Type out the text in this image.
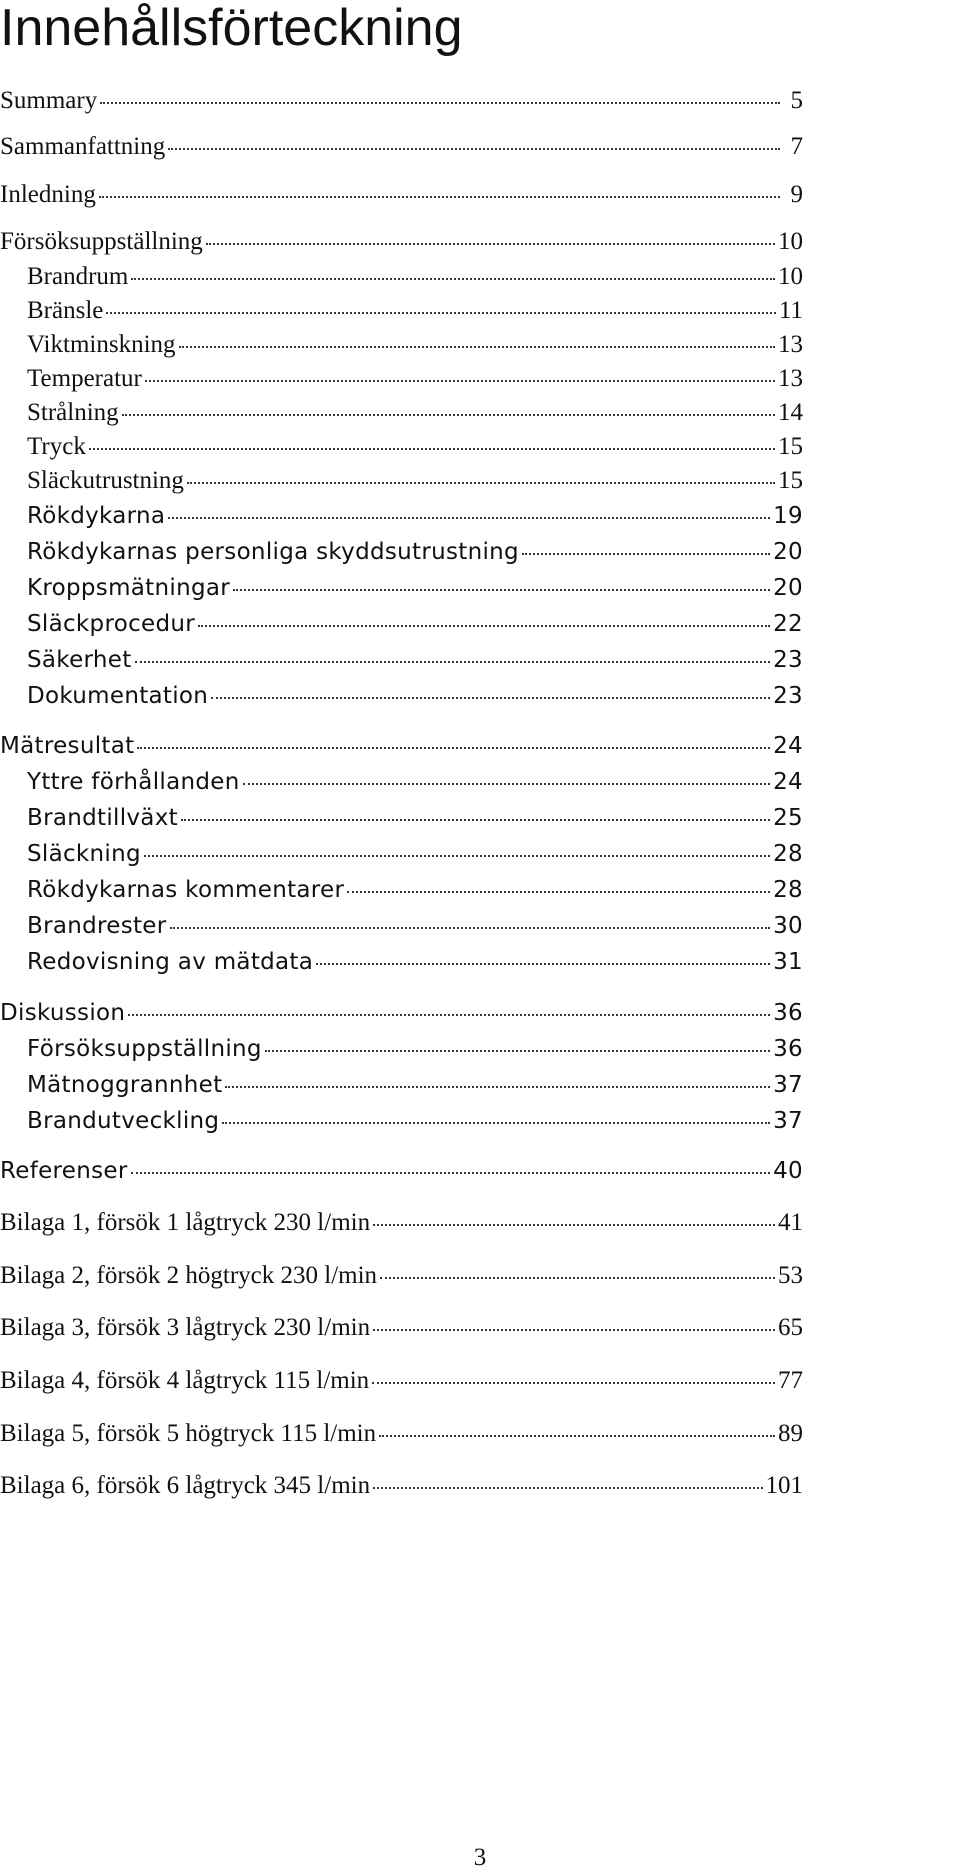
Innehållsförteckning
Summary	5
Sammanfattning	7
Inledning	9
Försöksuppställning	10
Brandrum	10
Bränsle	11
Viktminskning	13
Temperatur	13
Strålning	14
Tryck	15
Släckutrustning	15
Rökdykarna	19
Rökdykarnas personliga skyddsutrustning	20
Kroppsmätningar	20
Släckprocedur	22
Säkerhet	23
Dokumentation	23
Mätresultat	24
Yttre förhållanden	24
Brandtillväxt	25
Släckning	28
Rökdykarnas kommentarer	28
Brandrester	30
Redovisning av mätdata	31
Diskussion	36
Försöksuppställning	36
Mätnoggrannhet	37
Brandutveckling	37
Referenser	40
Bilaga 1, försök 1 lågtryck 230 l/min	41
Bilaga 2, försök 2 högtryck 230 l/min	53
Bilaga 3, försök 3 lågtryck 230 l/min	65
Bilaga 4, försök 4 lågtryck 115 l/min	77
Bilaga 5, försök 5 högtryck 115 l/min	89
Bilaga 6, försök 6 lågtryck 345 l/min	101
3
